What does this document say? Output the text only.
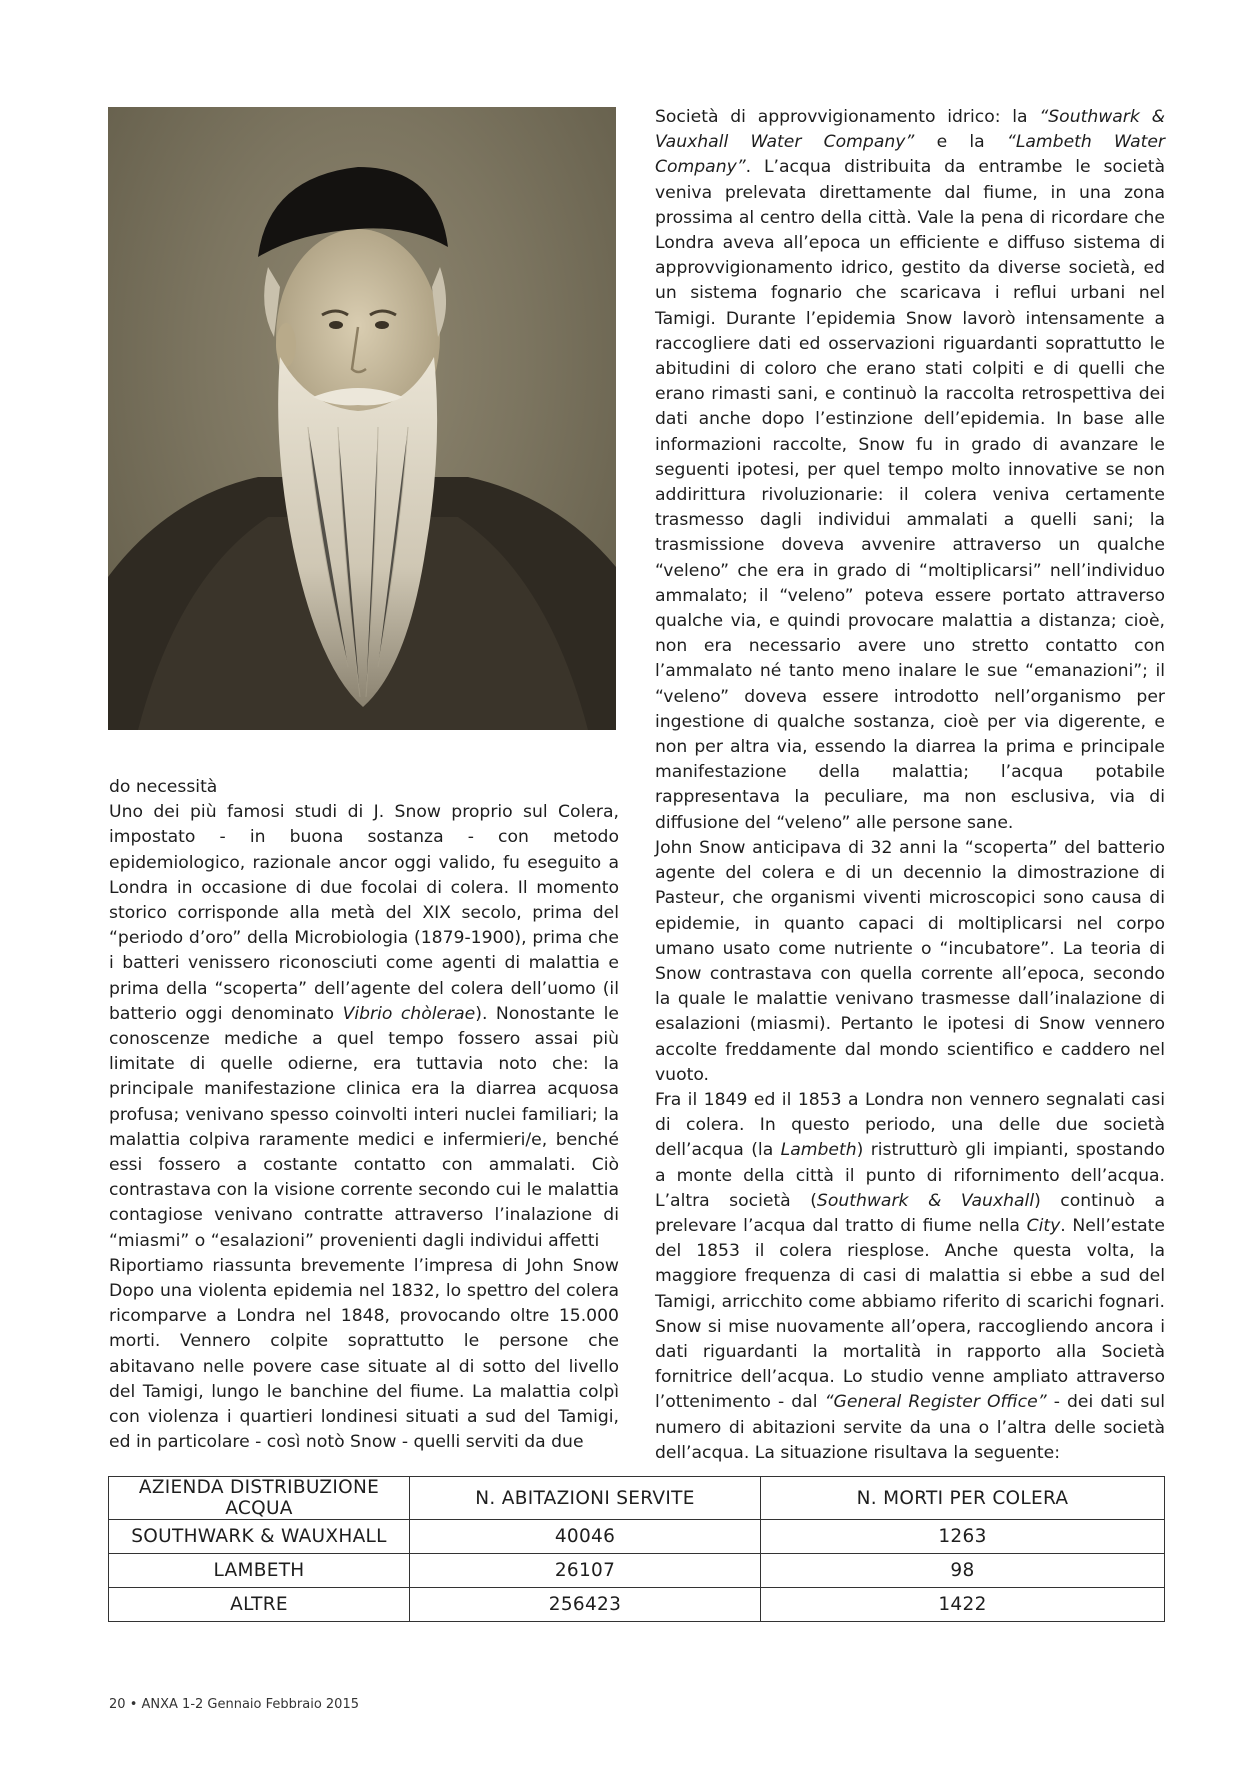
do necessità

Uno dei più famosi studi di J. Snow proprio sul Colera, impostato - in buona sostanza - con metodo epidemiologico, razionale ancor oggi valido, fu eseguito a Londra in occasione di due focolai di colera. Il momento storico corrisponde alla metà del XIX secolo, prima del “periodo d’oro” della Microbiologia (1879-1900), prima che i batteri venissero riconosciuti come agenti di malattia e prima della “scoperta” dell’agente del colera dell’uomo (il batterio oggi denominato Vibrio chòlerae). Nonostante le conoscenze mediche a quel tempo fossero assai più limitate di quelle odierne, era tuttavia noto che: la principale manifestazione clinica era la diarrea acquosa profusa; venivano spesso coinvolti interi nuclei familiari; la malattia colpiva raramente medici e infermieri/e, benché essi fossero a costante contatto con ammalati. Ciò contrastava con la visione corrente secondo cui le malattia contagiose venivano contratte attraverso l’inalazione di “miasmi” o “esalazioni” provenienti dagli individui affetti

Riportiamo riassunta brevemente l’impresa di John Snow Dopo una violenta epidemia nel 1832, lo spettro del colera ricomparve a Londra nel 1848, provocando oltre 15.000 morti. Vennero colpite soprattutto le persone che abitavano nelle povere case situate al di sotto del livello del Tamigi, lungo le banchine del fiume. La malattia colpì con violenza i quartieri londinesi situati a sud del Tamigi, ed in particolare - così notò Snow - quelli serviti da due

Società di approvvigionamento idrico: la “Southwark & Vauxhall Water Company” e la “Lambeth Water Company”. L’acqua distribuita da entrambe le società veniva prelevata direttamente dal fiume, in una zona prossima al centro della città. Vale la pena di ricordare che Londra aveva all’epoca un efficiente e diffuso sistema di approvvigionamento idrico, gestito da diverse società, ed un sistema fognario che scaricava i reflui urbani nel Tamigi. Durante l’epidemia Snow lavorò intensamente a raccogliere dati ed osservazioni riguardanti soprattutto le abitudini di coloro che erano stati colpiti e di quelli che erano rimasti sani, e continuò la raccolta retrospettiva dei dati anche dopo l’estinzione dell’epidemia. In base alle informazioni raccolte, Snow fu in grado di avanzare le seguenti ipotesi, per quel tempo molto innovative se non addirittura rivoluzionarie: il colera veniva certamente trasmesso dagli individui ammalati a quelli sani; la trasmissione doveva avvenire attraverso un qualche “veleno” che era in grado di “moltiplicarsi” nell’individuo ammalato; il “veleno” poteva essere portato attraverso qualche via, e quindi provocare malattia a distanza; cioè, non era necessario avere uno stretto contatto con l’ammalato né tanto meno inalare le sue “emanazioni”; il “veleno” doveva essere introdotto nell’organismo per ingestione di qualche sostanza, cioè per via digerente, e non per altra via, essendo la diarrea la prima e principale manifestazione della malattia; l’acqua potabile rappresentava la peculiare, ma non esclusiva, via di diffusione del “veleno” alle persone sane.

John Snow anticipava di 32 anni la “scoperta” del batterio agente del colera e di un decennio la dimostrazione di Pasteur, che organismi viventi microscopici sono causa di epidemie, in quanto capaci di moltiplicarsi nel corpo umano usato come nutriente o “incubatore”. La teoria di Snow contrastava con quella corrente all’epoca, secondo la quale le malattie venivano trasmesse dall’inalazione di esalazioni (miasmi). Pertanto le ipotesi di Snow vennero accolte freddamente dal mondo scientifico e caddero nel vuoto.

Fra il 1849 ed il 1853 a Londra non vennero segnalati casi di colera. In questo periodo, una delle due società dell’acqua (la Lambeth) ristrutturò gli impianti, spostando a monte della città il punto di rifornimento dell’acqua. L’altra società (Southwark & Vauxhall) continuò a prelevare l’acqua dal tratto di fiume nella City. Nell’estate del 1853 il colera riesplose. Anche questa volta, la maggiore frequenza di casi di malattia si ebbe a sud del Tamigi, arricchito come abbiamo riferito di scarichi fognari. Snow si mise nuovamente all’opera, raccogliendo ancora i dati riguardanti la mortalità in rapporto alla Società fornitrice dell’acqua. Lo studio venne ampliato attraverso l’ottenimento - dal “General Register Office” - dei dati sul numero di abitazioni servite da una o l’altra delle società dell’acqua. La situazione risultava la seguente:

AZIENDA DISTRIBUZIONE ACQUA	N. ABITAZIONI SERVITE	N. MORTI PER COLERA
SOUTHWARK & WAUXHALL	40046	1263
LAMBETH	26107	98
ALTRE	256423	1422
20 • ANXA 1-2 Gennaio Febbraio 2015
